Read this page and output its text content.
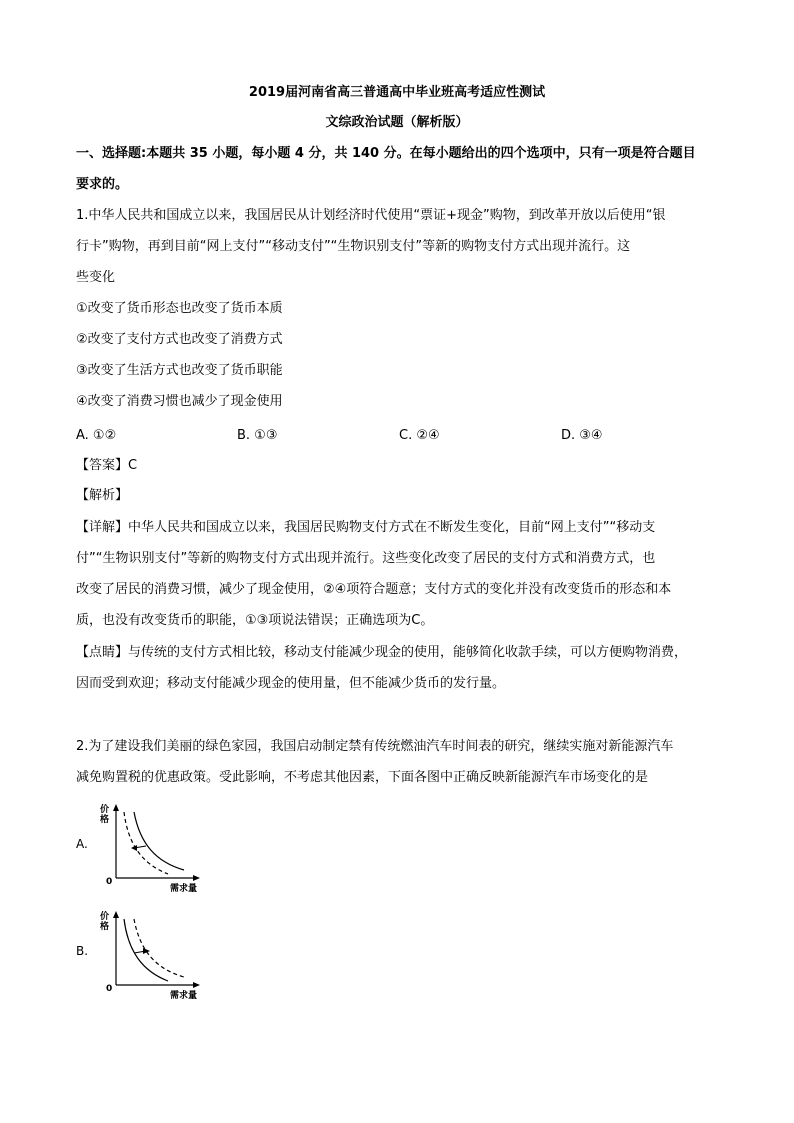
2019届河南省高三普通高中毕业班高考适应性测试
文综政治试题（解析版）
一、选择题:本题共 35 小题，每小题 4 分，共 140 分。在每小题给出的四个选项中，只有一项是符合题目
要求的。
1.中华人民共和国成立以来，我国居民从计划经济时代使用“票证+现金”购物，到改革开放以后使用“银
行卡”购物，再到目前“网上支付”“移动支付”“生物识别支付”等新的购物支付方式出现并流行。这
些变化
①改变了货币形态也改变了货币本质
②改变了支付方式也改变了消费方式
③改变了生活方式也改变了货币职能
④改变了消费习惯也减少了现金使用
A. ①②	B. ①③	C. ②④	D. ③④
【答案】C
【解析】
【详解】中华人民共和国成立以来，我国居民购物支付方式在不断发生变化，目前“网上支付”“移动支
付”“生物识别支付”等新的购物支付方式出现并流行。这些变化改变了居民的支付方式和消费方式，也
改变了居民的消费习惯，减少了现金使用，②④项符合题意；支付方式的变化并没有改变货币的形态和本
质，也没有改变货币的职能，①③项说法错误；正确选项为C。
【点睛】与传统的支付方式相比较，移动支付能减少现金的使用，能够简化收款手续，可以方便购物消费，
因而受到欢迎；移动支付能减少现金的使用量，但不能减少货币的发行量。
2.为了建设我们美丽的绿色家园，我国启动制定禁有传统燃油汽车时间表的研究，继续实施对新能源汽车
减免购置税的优惠政策。受此影响，不考虑其他因素，下面各图中正确反映新能源汽车市场变化的是
A.
价
格
0
需求量
B.
价
格
0
需求量
